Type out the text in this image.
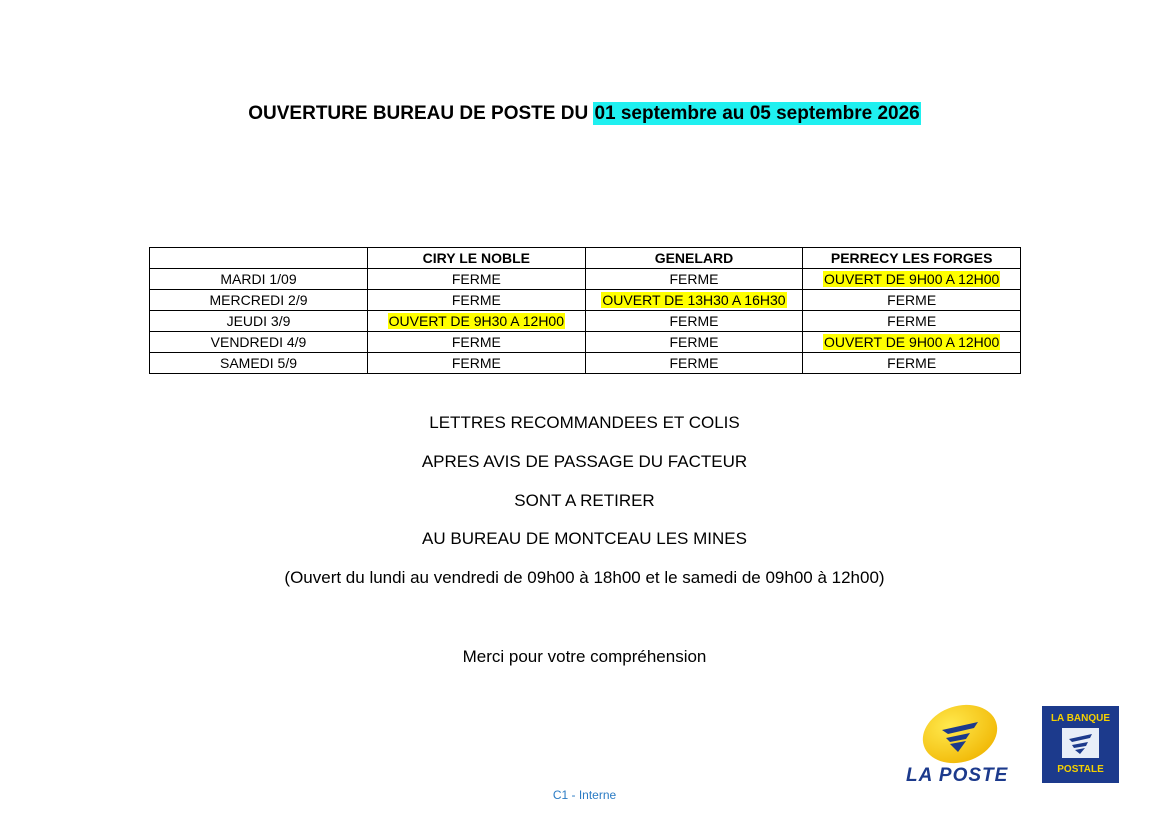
OUVERTURE BUREAU DE POSTE DU 01 septembre au 05 septembre 2026
	CIRY LE NOBLE	GENELARD	PERRECY LES FORGES
MARDI 1/09	FERME	FERME	OUVERT DE 9H00 A 12H00
MERCREDI 2/9	FERME	OUVERT DE 13H30 A 16H30	FERME
JEUDI 3/9	OUVERT DE 9H30 A 12H00	FERME	FERME
VENDREDI 4/9	FERME	FERME	OUVERT DE 9H00 A 12H00
SAMEDI 5/9	FERME	FERME	FERME
LETTRES RECOMMANDEES ET COLIS
APRES AVIS DE PASSAGE DU FACTEUR
SONT A RETIRER
AU BUREAU DE MONTCEAU LES MINES
(Ouvert du lundi au vendredi de 09h00 à 18h00 et le samedi de 09h00 à 12h00)
Merci pour votre compréhension
LA POSTE
LA BANQUE
POSTALE
C1 - Interne
